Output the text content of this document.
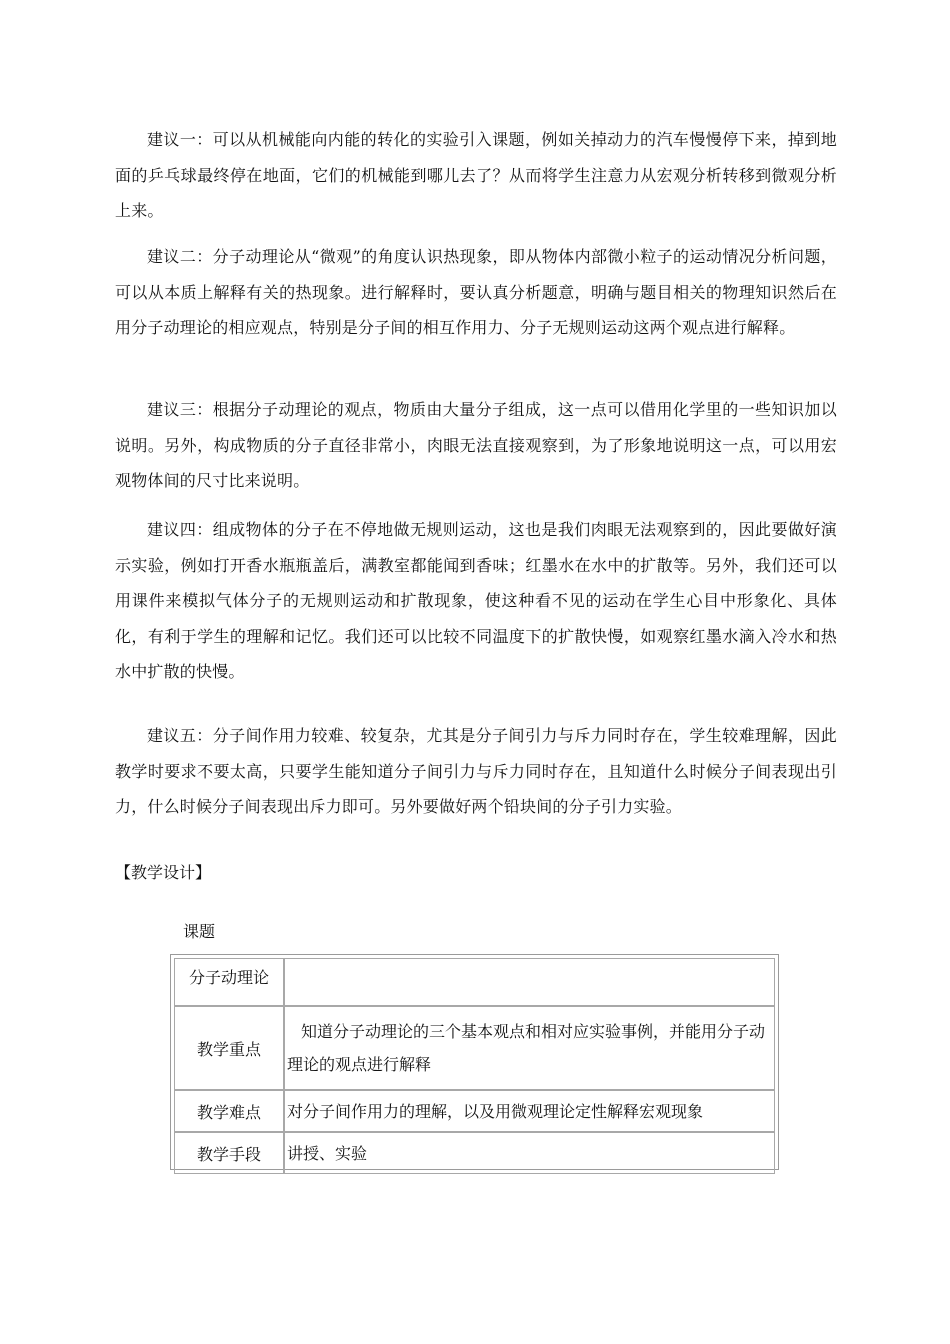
建议一：可以从机械能向内能的转化的实验引入课题，例如关掉动力的汽车慢慢停下来，掉到地面的乒乓球最终停在地面，它们的机械能到哪儿去了？从而将学生注意力从宏观分析转移到微观分析上来。

建议二：分子动理论从“微观”的角度认识热现象，即从物体内部微小粒子的运动情况分析问题，可以从本质上解释有关的热现象。进行解释时，要认真分析题意，明确与题目相关的物理知识然后在用分子动理论的相应观点，特别是分子间的相互作用力、分子无规则运动这两个观点进行解释。

建议三：根据分子动理论的观点，物质由大量分子组成，这一点可以借用化学里的一些知识加以说明。另外，构成物质的分子直径非常小，肉眼无法直接观察到，为了形象地说明这一点，可以用宏观物体间的尺寸比来说明。

建议四：组成物体的分子在不停地做无规则运动，这也是我们肉眼无法观察到的，因此要做好演示实验，例如打开香水瓶瓶盖后，满教室都能闻到香味；红墨水在水中的扩散等。另外，我们还可以用课件来模拟气体分子的无规则运动和扩散现象，使这种看不见的运动在学生心目中形象化、具体化，有利于学生的理解和记忆。我们还可以比较不同温度下的扩散快慢，如观察红墨水滴入冷水和热水中扩散的快慢。

建议五：分子间作用力较难、较复杂，尤其是分子间引力与斥力同时存在，学生较难理解，因此教学时要求不要太高，只要学生能知道分子间引力与斥力同时存在，且知道什么时候分子间表现出引力，什么时候分子间表现出斥力即可。另外要做好两个铅块间的分子引力实验。

【教学设计】

课题

分子动理论	
教学重点	知道分子动理论的三个基本观点和相对应实验事例，并能用分子动理论的观点进行解释

教学难点	对分子间作用力的理解，以及用微观理论定性解释宏观现象
教学手段	讲授、实验
